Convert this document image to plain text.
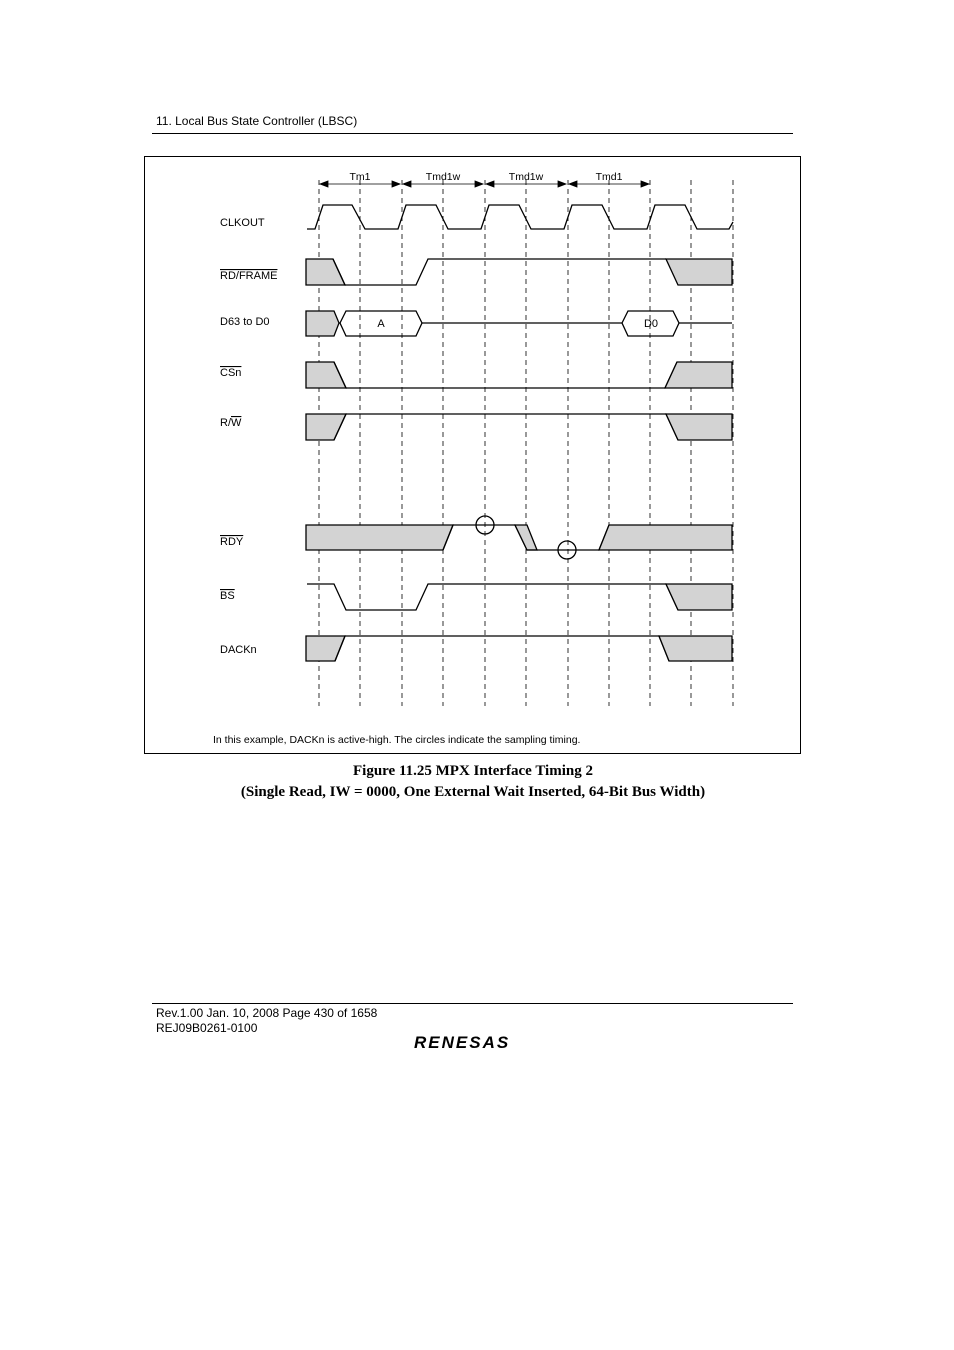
11. Local Bus State Controller (LBSC)
Tm1	Tmd1w	Tmd1w	Tmd1
CLKOUT
RD/FRAME
D63 to D0
CSn
R/W
RDY
BS
DACKn
A	D0
In this example, DACKn is active-high. The circles indicate the sampling timing.
Figure 11.25 MPX Interface Timing 2
(Single Read, IW = 0000, One External Wait Inserted, 64-Bit Bus Width)
Rev.1.00 Jan. 10, 2008 Page 430 of 1658
REJ09B0261-0100
RENESAS
